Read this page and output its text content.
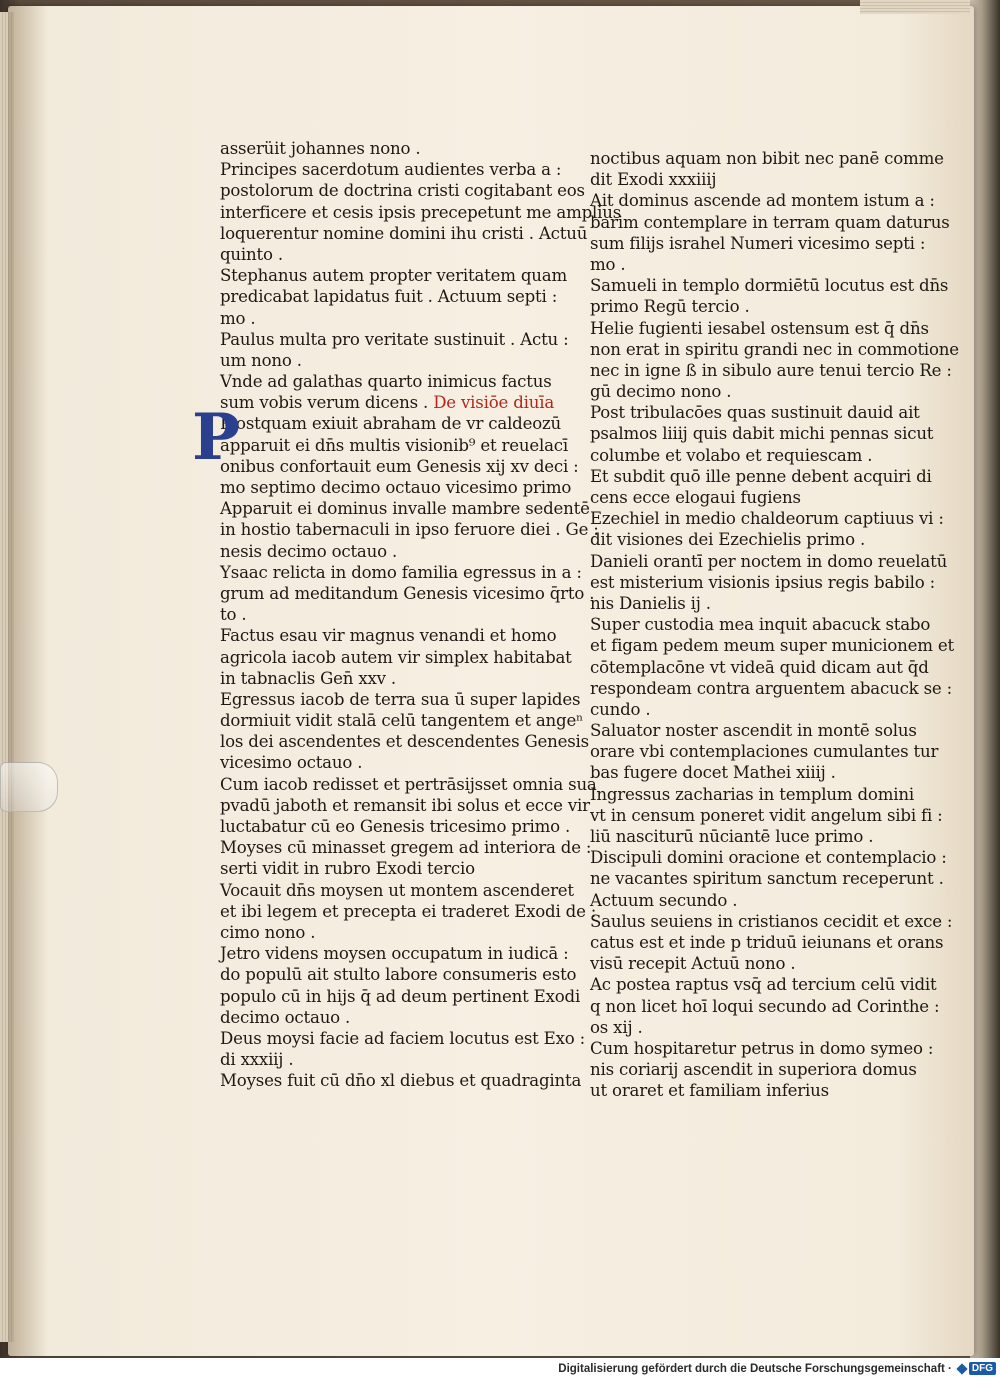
asserüit johannes nono .
Principes sacerdotum audientes verba a :
postolorum de doctrina cristi cogitabant eos
interficere et cesis ipsis precepetunt me amplius
loquerentur nomine domini ihu cristi . Actuū
quinto .
Stephanus autem propter veritatem quam
predicabat lapidatus fuit . Actuum septi :
mo .
Paulus multa pro veritate sustinuit . Actu :
um nono .
Vnde ad galathas quarto inimicus factus
sum vobis verum dicens . De visiōe diuīa
P ostquam exiuit abraham de vr caldeozū
apparuit ei dn̄s multis visionib⁹ et reuelacī
onibus confortauit eum Genesis xij xv deci :
mo septimo decimo octauo vicesimo primo
Apparuit ei dominus invalle mambre sedentē
in hostio tabernaculi in ipso feruore diei . Ge :
nesis decimo octauo .
Ysaac relicta in domo familia egressus in a :
grum ad meditandum Genesis vicesimo q̄rto .
to .
Factus esau vir magnus venandi et homo
agricola iacob autem vir simplex habitabat
in tabnaclis Gen̄ xxv .
Egressus iacob de terra sua ū super lapides
dormiuit vidit stalā celū tangentem et angeⁿ
los dei ascendentes et descendentes Genesis
vicesimo octauo .
Cum iacob redisset et pertrāsijsset omnia sua
pvadū jaboth et remansit ibi solus et ecce vir
luctabatur cū eo Genesis tricesimo primo .
Moyses cū minasset gregem ad interiora de :
serti vidit in rubro Exodi tercio
Vocauit dn̄s moysen ut montem ascenderet
et ibi legem et precepta ei traderet Exodi de :
cimo nono .
Jetro videns moysen occupatum in iudicā :
do populū ait stulto labore consumeris esto
populo cū in hijs q̄ ad deum pertinent Exodi
decimo octauo .
Deus moysi facie ad faciem locutus est Exo :
di xxxiij .
Moyses fuit cū dn̄o xl diebus et quadraginta
P
noctibus aquam non bibit nec panē comme
dit Exodi xxxiiij
Ait dominus ascende ad montem istum a :
barim contemplare in terram quam daturus
sum filijs israhel Numeri vicesimo septi :
mo .
Samueli in templo dormiētū locutus est dn̄s
primo Regū tercio .
Helie fugienti iesabel ostensum est q̄ dn̄s
non erat in spiritu grandi nec in commotione
nec in igne ß in sibulo aure tenui tercio Re :
gū decimo nono .
Post tribulacōes quas sustinuit dauid ait
psalmos liiij quis dabit michi pennas sicut
columbe et volabo et requiescam .
Et subdit quō ille penne debent acquiri di
cens ecce elogaui fugiens
Ezechiel in medio chaldeorum captiuus vi :
dit visiones dei Ezechielis primo .
Danieli orantī per noctem in domo reuelatū
est misterium visionis ipsius regis babilo :
nis Danielis ij .
Super custodia mea inquit abacuck stabo
et figam pedem meum super municionem et
cōtemplacōne vt videā quid dicam aut q̄d
respondeam contra arguentem abacuck se :
cundo .
Saluator noster ascendit in montē solus
orare vbi contemplaciones cumulantes tur
bas fugere docet Mathei xiiij .
Ingressus zacharias in templum domini
vt in censum poneret vidit angelum sibi fi :
liū nasciturū nūciantē luce primo .
Discipuli domini oracione et contemplacio :
ne vacantes spiritum sanctum receperunt .
Actuum secundo .
Saulus seuiens in cristianos cecidit et exce :
catus est et inde p triduū ieiunans et orans
visū recepit Actuū nono .
Ac postea raptus vsq̄ ad tercium celū vidit
q non licet hoī loqui secundo ad Corinthe :
os xij .
Cum hospitaretur petrus in domo symeo :
nis coriarij ascendit in superiora domus
ut oraret et familiam inferius
Digitalisierung gefördert durch die Deutsche Forschungsgemeinschaft ·	DFG
